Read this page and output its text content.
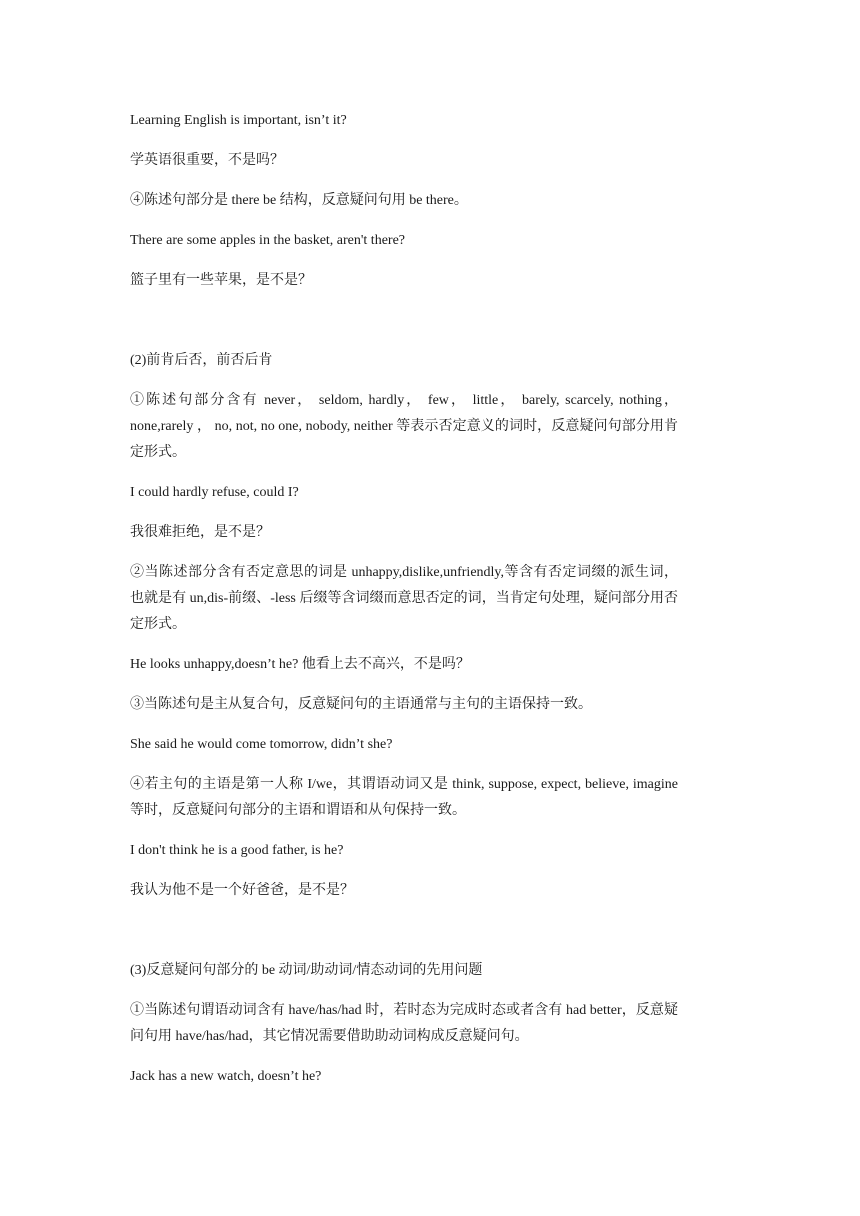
Learning English is important, isn’t it?

学英语很重要，不是吗？

④陈述句部分是 there be 结构，反意疑问句用 be there。

There are some apples in the basket, aren't there?

篮子里有一些苹果，是不是？

(2)前肯后否，前否后肯

①陈述句部分含有 never， seldom, hardly， few， little， barely, scarcely, nothing，none,rarely ， no, not, no one, nobody, neither 等表示否定意义的词时，反意疑问句部分用肯定形式。

I could hardly refuse, could I?

我很难拒绝，是不是？

②当陈述部分含有否定意思的词是 unhappy,dislike,unfriendly,等含有否定词缀的派生词，也就是有 un,dis-前缀、-less 后缀等含词缀而意思否定的词，当肯定句处理，疑问部分用否定形式。

He looks unhappy,doesn’t he? 他看上去不高兴，不是吗？

③当陈述句是主从复合句，反意疑问句的主语通常与主句的主语保持一致。

She said he would come tomorrow, didn’t she?

④若主句的主语是第一人称 I/we，其谓语动词又是 think, suppose, expect, believe, imagine 等时，反意疑问句部分的主语和谓语和从句保持一致。

I don't think he is a good father, is he?

我认为他不是一个好爸爸，是不是？

(3)反意疑问句部分的 be 动词/助动词/情态动词的先用问题

①当陈述句谓语动词含有 have/has/had 时，若时态为完成时态或者含有 had better，反意疑问句用 have/has/had，其它情况需要借助助动词构成反意疑问句。

Jack has a new watch, doesn’t he?
